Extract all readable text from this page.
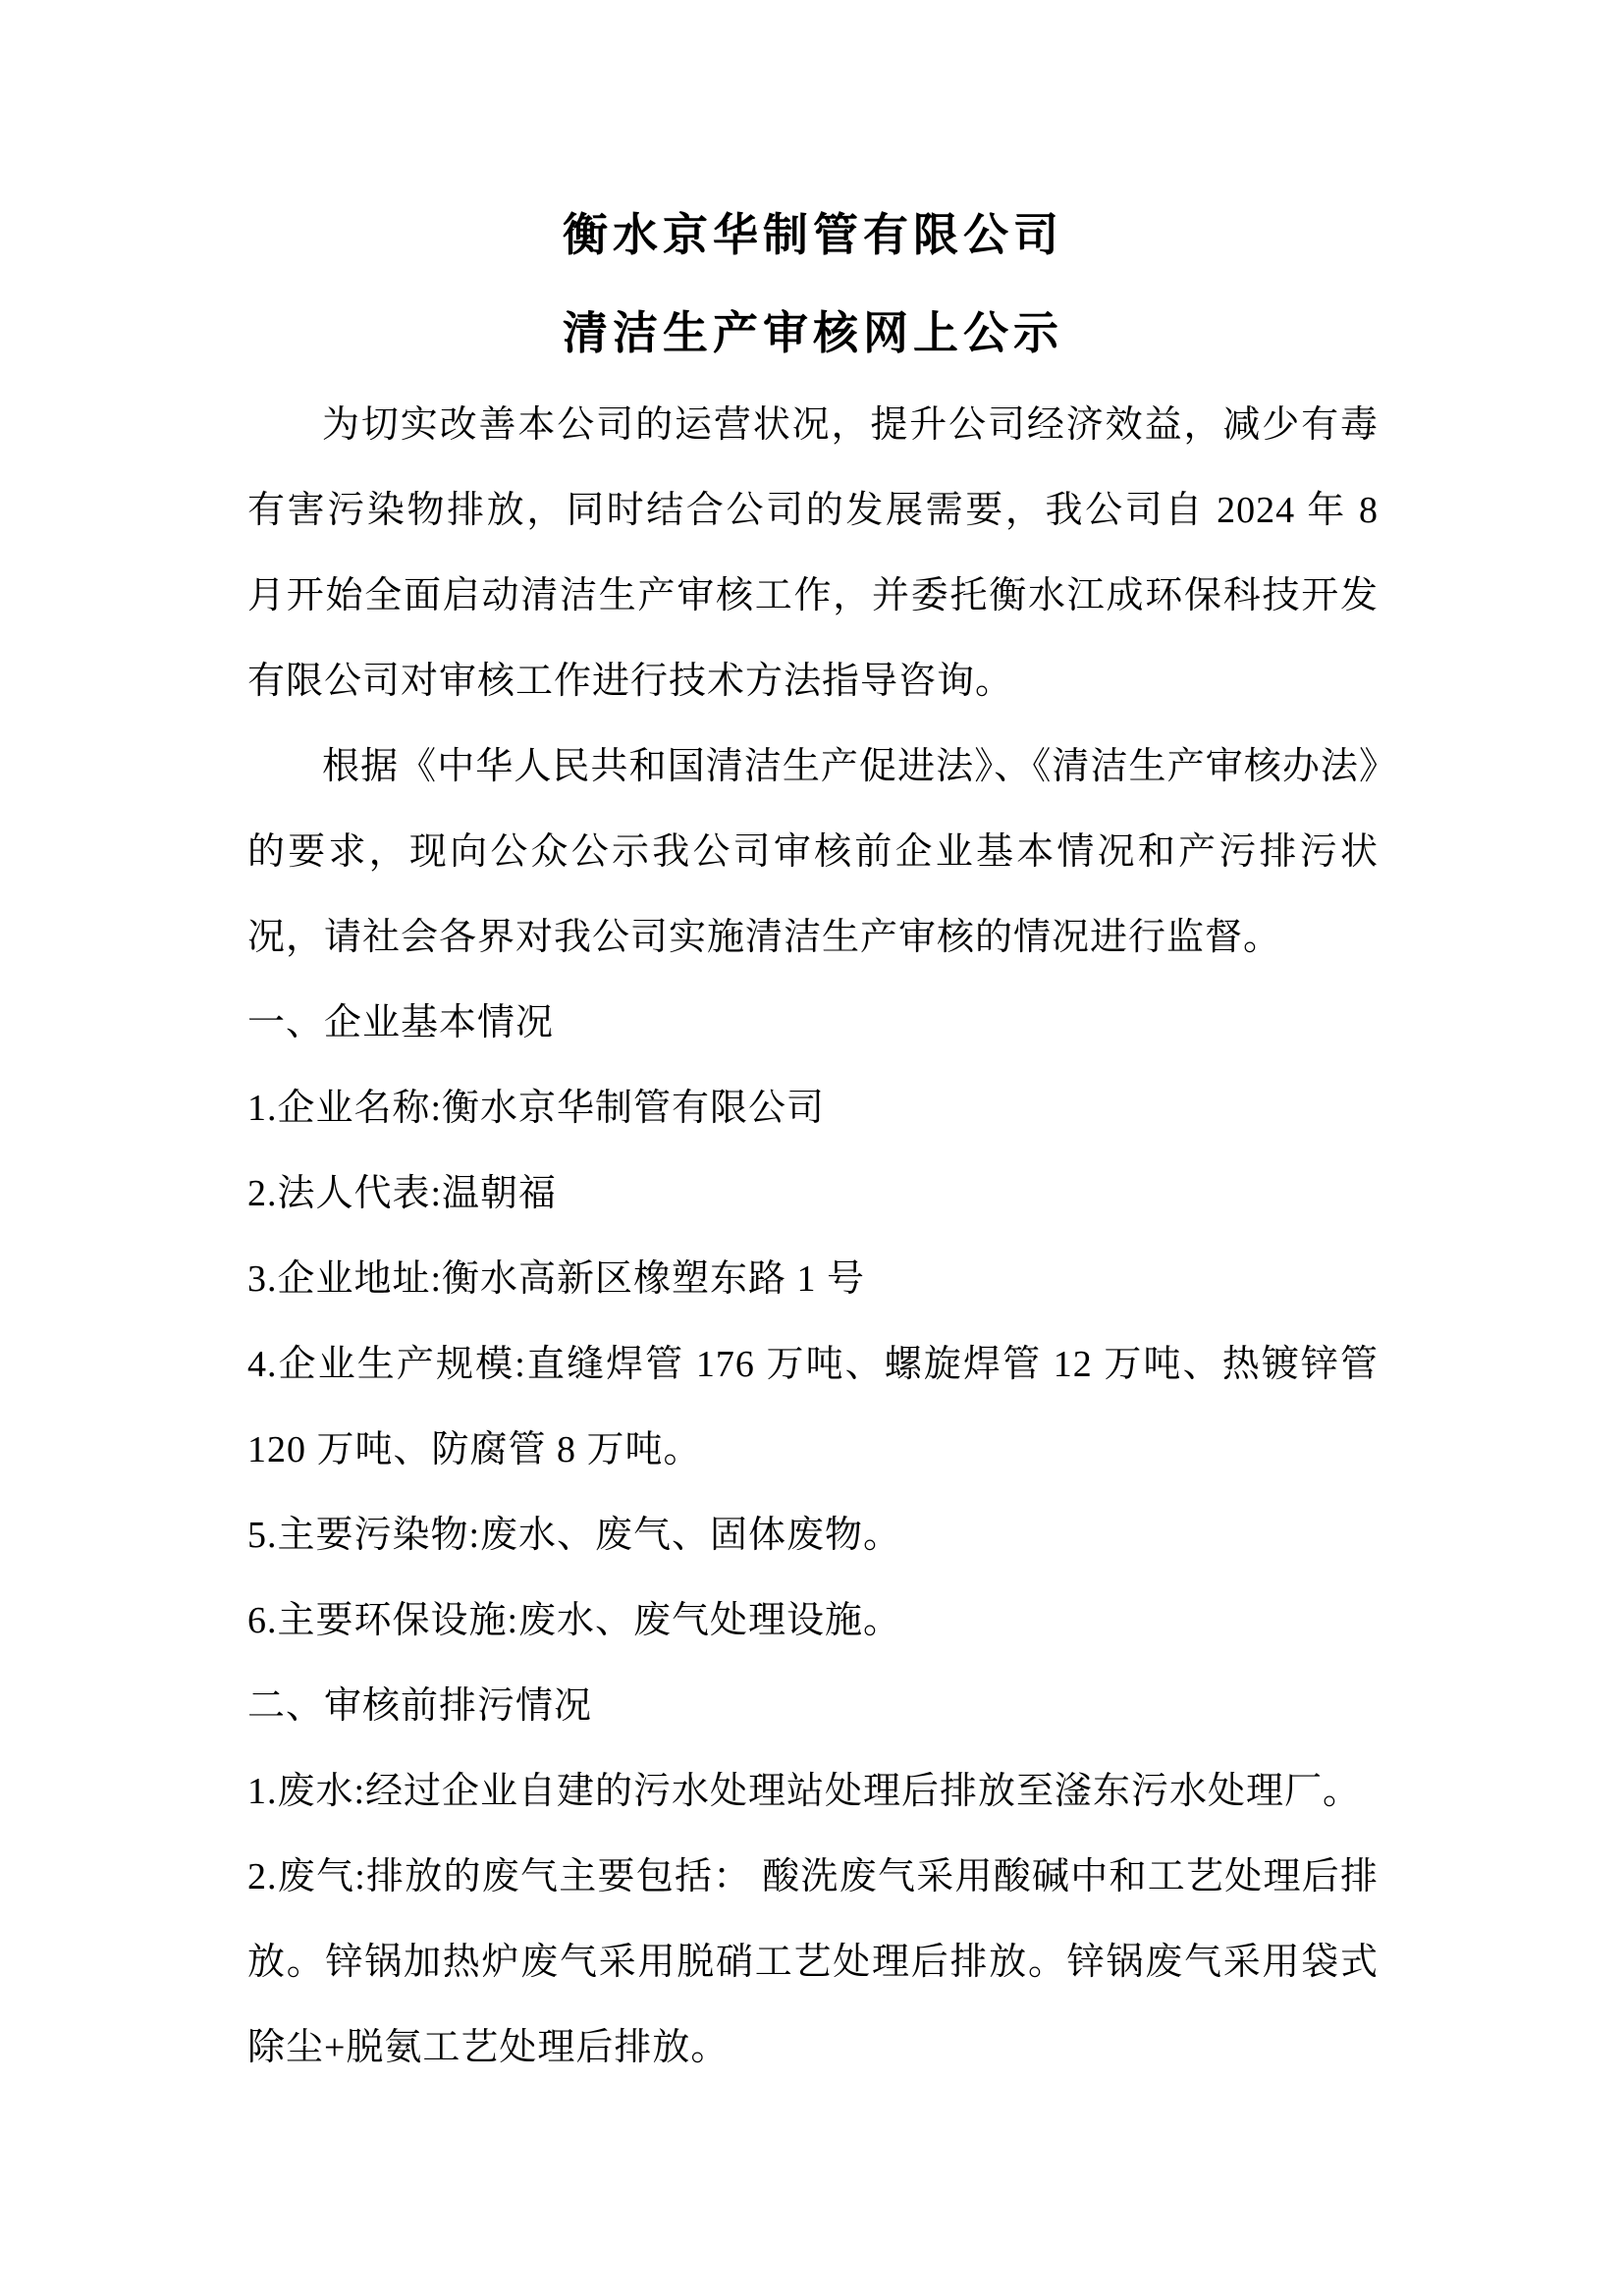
衡水京华制管有限公司
清洁生产审核网上公示

为切实改善本公司的运营状况，提升公司经济效益，减少有毒有害污染物排放，同时结合公司的发展需要，我公司自 2024 年 8 月开始全面启动清洁生产审核工作，并委托衡水江成环保科技开发有限公司对审核工作进行技术方法指导咨询。

根据《中华人民共和国清洁生产促进法》、《清洁生产审核办法》的要求，现向公众公示我公司审核前企业基本情况和产污排污状况，请社会各界对我公司实施清洁生产审核的情况进行监督。

一、企业基本情况

1.企业名称:衡水京华制管有限公司

2.法人代表:温朝福

3.企业地址:衡水高新区橡塑东路 1 号

4.企业生产规模:直缝焊管 176 万吨、螺旋焊管 12 万吨、热镀锌管 120 万吨、防腐管 8 万吨。

5.主要污染物:废水、废气、固体废物。

6.主要环保设施:废水、废气处理设施。

二、审核前排污情况

1.废水:经过企业自建的污水处理站处理后排放至滏东污水处理厂。

2.废气:排放的废气主要包括： 酸洗废气采用酸碱中和工艺处理后排放。锌锅加热炉废气采用脱硝工艺处理后排放。锌锅废气采用袋式除尘+脱氨工艺处理后排放。
